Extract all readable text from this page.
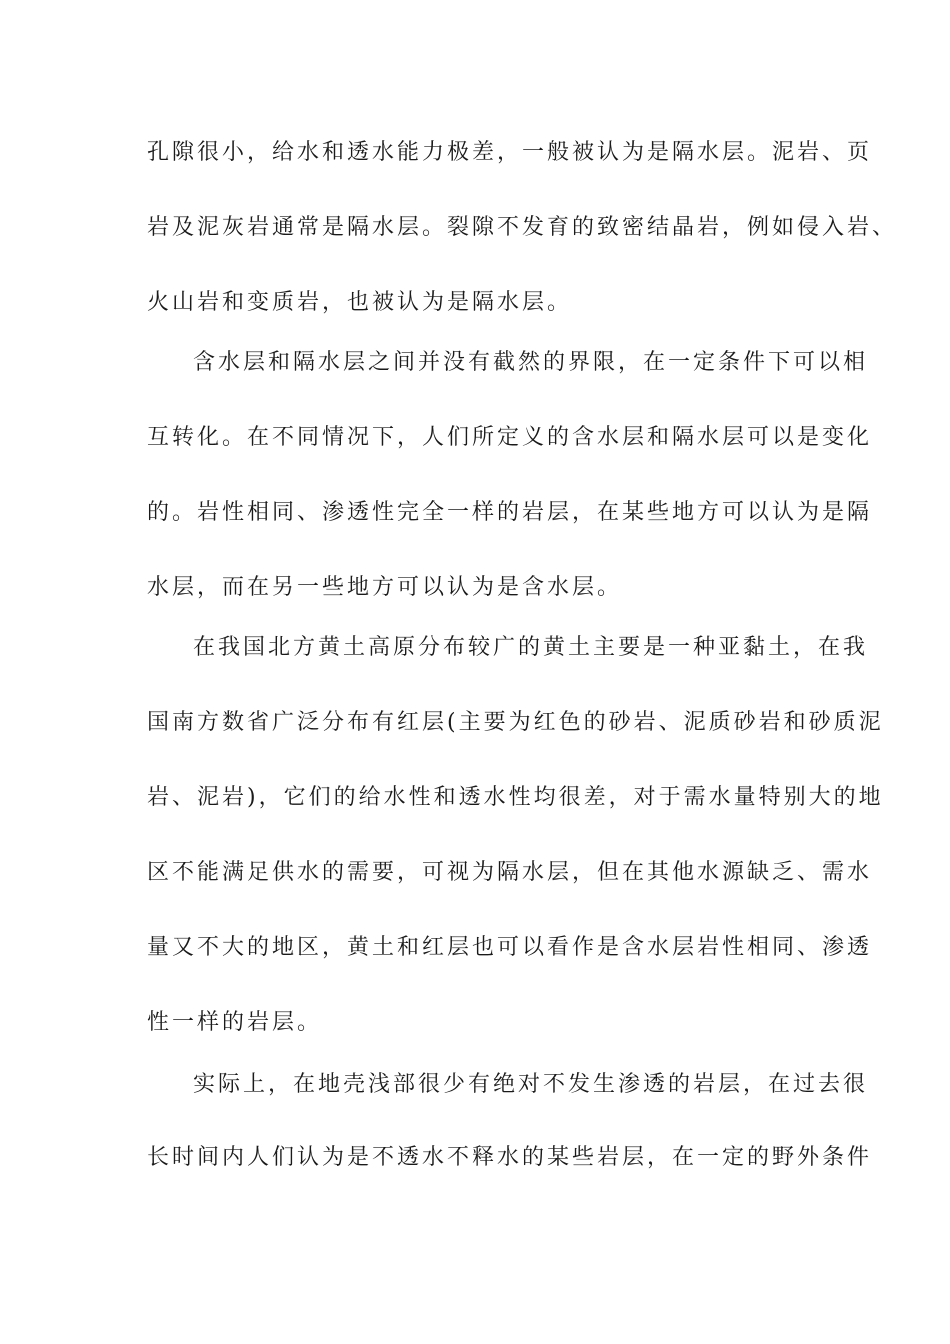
孔隙很小，给水和透水能力极差，一般被认为是隔水层。泥岩、页
岩及泥灰岩通常是隔水层。裂隙不发育的致密结晶岩，例如侵入岩、
火山岩和变质岩，也被认为是隔水层。
含水层和隔水层之间并没有截然的界限，在一定条件下可以相
互转化。在不同情况下，人们所定义的含水层和隔水层可以是变化
的。岩性相同、渗透性完全一样的岩层，在某些地方可以认为是隔
水层，而在另一些地方可以认为是含水层。
在我国北方黄土高原分布较广的黄土主要是一种亚黏土，在我
国南方数省广泛分布有红层(主要为红色的砂岩、泥质砂岩和砂质泥
岩、泥岩)，它们的给水性和透水性均很差，对于需水量特别大的地
区不能满足供水的需要，可视为隔水层，但在其他水源缺乏、需水
量又不大的地区，黄土和红层也可以看作是含水层岩性相同、渗透
性一样的岩层。
实际上，在地壳浅部很少有绝对不发生渗透的岩层，在过去很
长时间内人们认为是不透水不释水的某些岩层，在一定的野外条件
